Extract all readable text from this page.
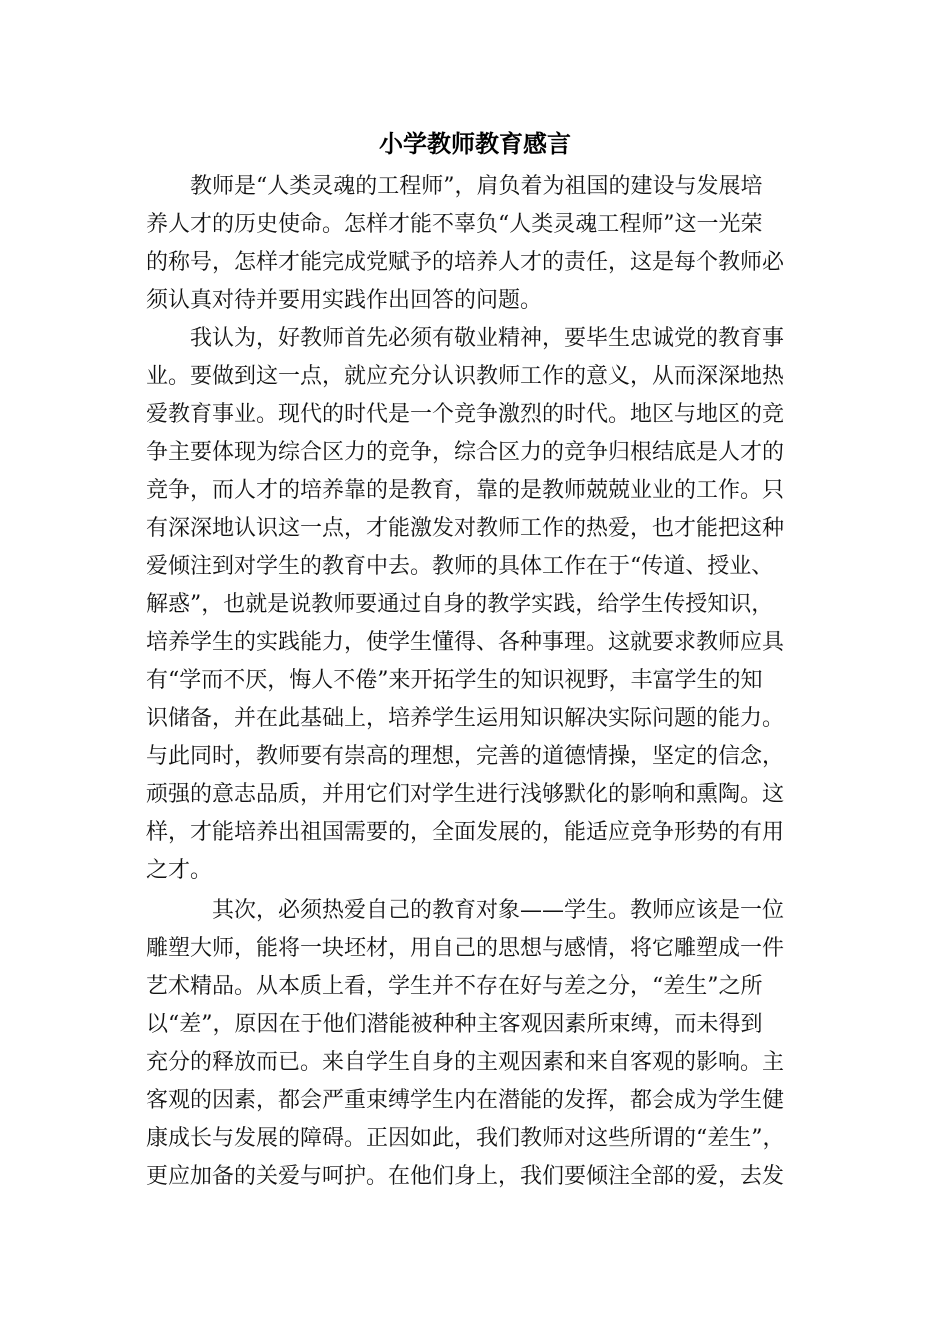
小学教师教育感言

教师是“人类灵魂的工程师”，肩负着为祖国的建设与发展培

养人才的历史使命。怎样才能不辜负“人类灵魂工程师”这一光荣

的称号，怎样才能完成党赋予的培养人才的责任，这是每个教师必

须认真对待并要用实践作出回答的问题。

我认为，好教师首先必须有敬业精神，要毕生忠诚党的教育事

业。要做到这一点，就应充分认识教师工作的意义，从而深深地热

爱教育事业。现代的时代是一个竞争激烈的时代。地区与地区的竞

争主要体现为综合区力的竞争，综合区力的竞争归根结底是人才的

竞争，而人才的培养靠的是教育，靠的是教师兢兢业业的工作。只

有深深地认识这一点，才能激发对教师工作的热爱，也才能把这种

爱倾注到对学生的教育中去。教师的具体工作在于“传道、授业、

解惑”，也就是说教师要通过自身的教学实践，给学生传授知识，

培养学生的实践能力，使学生懂得、各种事理。这就要求教师应具

有“学而不厌，悔人不倦”来开拓学生的知识视野，丰富学生的知

识储备，并在此基础上，培养学生运用知识解决实际问题的能力。

与此同时，教师要有崇高的理想，完善的道德情操，坚定的信念，

顽强的意志品质，并用它们对学生进行浅够默化的影响和熏陶。这

样，才能培养出祖国需要的，全面发展的，能适应竞争形势的有用

之才。

其次，必须热爱自己的教育对象——学生。教师应该是一位

雕塑大师，能将一块坯材，用自己的思想与感情，将它雕塑成一件

艺术精品。从本质上看，学生并不存在好与差之分，“差生”之所

以“差”，原因在于他们潜能被种种主客观因素所束缚，而未得到

充分的释放而已。来自学生自身的主观因素和来自客观的影响。主

客观的因素，都会严重束缚学生内在潜能的发挥，都会成为学生健

康成长与发展的障碍。正因如此，我们教师对这些所谓的“差生”，

更应加备的关爱与呵护。在他们身上，我们要倾注全部的爱，去发
